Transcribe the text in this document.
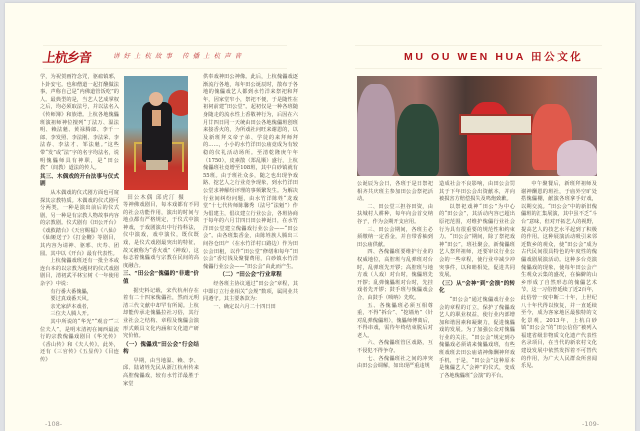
上杭乡音	讲好上杭故事 传播上杭声音	MU OU WEN HUA 田公文化

学，为祝贺画符念咒，驱瘟镇邪，卜卦安宅。也和僧道一起打醮做法事，声称自己是“内佛道管饭吃”的人。最典型的是，当艺人艺成掌权之后，均必须取法号，并以法名入《传师簿》和族谱。上杭各地傀儡班演祖师神位擅列“丁法万、温法明、赖法魁、黄禄腾郎、李千一郎、李发照、李法刚、李法荣、李法春、李法才、邹法魁。”这些带“发”或“法”字的名字均法名，说明傀儡师具有神职，是“田公教”（闾教）道法的传人。

其三、木偶戏的开台法事与仪式剧

从木偶戏的仪式剧方面也可窥探其宗教特质。木偶戏的仪式剧可分两类，一种是演出前后的仪式剧，另一种是有宗教人物故事内容的宗教剧。仪式剧有《田公开台》《戏救踏台》《天官赐福》《八仙》《仙姬送子》《打金鞭》等剧目，其内容为请神、驱邪、庆寿、团圆。其中以《开台》最有代表性。

上杭傀儡戏班还有一批全本或连台本的以宗教为题材的仪式戏剧剧目，清初武平林宝树《一年使用杂字》中说：

有行番大番傀儡，

要过真戏番天风。

亲光家萨本戏者，

三位夫人腾人开。

其中所说的“华光”“观音”“三位夫人”，是明末清初在闽西最流行的宗教傀儡戏剧目《华光传》《香山传》和《夫人传》。此外，还有《三官传》《五显传》《目连传》

田公木偶 邱虎汀 摄

等神佛戏剧目，每本戏都有不同的社会功能作用，演出的时间与地点都有严格规定，于仪式中演神戏，于戏剧演出中行持科法，仪中演戏，戏中演仪，既仪既戏，是仪式戏剧最突出的特征，故又被称为“香火戏”（神戏），这标志着傀儡戏与宗教在民间的高度融合。

三、“田公会”傀儡的“非遗”价值

据史料记载，宋代杭州存在着有二十四家傀儡社，然而元明清三代文献中却罕有所闻。上杭却能传承走傀儡拉社习俗，其行业社会之结构、章程及傀儡会演形式颇具文化内涵和文化遗产研究价值。

（一）傀儡戏“田公会”行会结构

早期，由当地温、赖、李、邱、陆诸姓先民从浙江杭州传来高腔傀儡戏，较有水竹洋最胜于家堂

供奉戏神田公神像。此后，上杭傀儡戏逐渐流行各地，每年田公诞辰时，散布于各地的傀儡戏艺人都到水竹洋来祭祀和拜年，因家堂窄小，祭祀不便，于是随性在祖祠前建“田公堂”。起初仅是一种各班随身随走的流水性上香敬神行为，后因在六月廿四日同一天统由田公各地傀儡班创班来接香火的，为所戏社问旺来谢恩的，以及新班拜义帝子弟、学徒的来拜师拜的……，小小的水竹洋田公庙竟成为有较稳的仪礼活动场所。至清乾隆庚午年（1750），皮素散（郑乱顺）盛行，上杭傀儡班社竟增至108班，其中白砂镇就有55班。由于班社众多，随之也出现争戏路、挖艺人之行业竞争现象，到水竹洋田公堂求神解纷评理的事频繁发生。为解决行业间纠纷问题，由水竹洋陈姓“龙戏堂”十七代传师陈馨秀（法号“法魁”）作为倡建主，倡议建立行业公会，各班协商于每年的六月廿四日田公神诞日，在水竹洋田公堂建立傀儡戏行业公会——“田公会”。由各班集香金，由陈姓族人腾出三间谷仓田产（在水竹洋村口路边）作为田公会田租，以作“田公堂”修缮和每年“田公会”香灯钱及聚餐费用，白砂镇水竹洋傀儡行业公会——“田公会”由此而产生。

（二）“田公会”行业章程

经各班主协议通过“田公会”章程，其中即订立行业相关“会规”数项，属同业共同遵守。其主要条款为：

一、确定以六月二十四日田

-108-

公诞辰为会日，各班于是日祭祀相齐共庆班主参加田公会祭祀活动。

二、田公堂三担谷田资，由扶城村人耕种，每年向会首交纳谷子，作为会期开支应用。

三、田公会期间，各班主必须缴纳一定香金，并自带香柚到田公庙供献。

四、各傀儡班要维护行业的权威地位，高腔班与乱弹班对台时，乱弹班先开锣；高腔班与地方戏（人戏）对台时，傀儡班先开锣；乱弹傀儡班对台时，先挂戏者先开锣；鼓手班与傀儡戏会合，由鼓手（唢呐）先吹。

五、各傀儡班必须互相尊重，不得“拆台”、“挖墙角”（针对乱弹傀儡班），傀儡师傅离后，不得串戏，需待年终结束脱后对老人。

六、各傀儡班管区戏路，互不侵犯不得争夺。

七、各傀儡班社之间的冲突由田公会调解，如出现严重违规

造成社会不良影响，由田公会罚其于下年田公会出资献本，并向被损害方赔偿损失及鸣炮致歉。

以祭祀戏神“田公”为中心的“田公会”，其活动内容已超出原祀范围，对维护傀儡行业社会行为具有很重要的规范性和约束力。“田公会”期间，除了祭祀戏神“田公”，班社聚会，新傀儡班艺人祭拜祖师，还要审议行业公会的一些章程，使行业中减少冲突事件，以和睦相处，促进共同发展。

（三）从“会神”到“会演”的转化

“田公会”通过傀儡戏行业公会的章程的订立，保护了傀儡戏艺人的职业权益，使行业内部增加和谐因素和凝聚力，促进傀儡戏的发展。为了加强公众对傀儡行业的关注，“田公会”规定到办傀儡戏必须请来傀儡戏班，有些班戏班去田公庙请神像酬神拜戏手机，于是，“田公会”这种原本是傀儡艺人“会神”的仪式，变成了各地傀儡班“会演”的平台。

中午聚餐后，新班拜祖师及谢神酬恩的班社，于庙外空旷处搭傀儡棚，献演各班拿手好戏，以期交流。“田公会”中的新旧傀儡班的汇集展演，其中虽不乏“斗台”意味，但对开拓艺人的视野，提高艺人的技艺水平起到了积极的作用。这种展演活动吸引来邻近数乡的观众，使“田公会”成为古代民间很具特色的年度性的傀儡戏剧展演活动。这种多台竞演傀儡戏的现象，使每年田公会产生观众云集的盛况，在偏僻的山乡形成了自然形态的傀儡艺术节，这一习俗曾延续了近2百年，此俗曾一度中断二十年，上世纪八十年代得以恢复，并一直延续至今，成为客家地区最独特的文化景观。2013年，上杭白砂镇“田公会”的“田公信俗”被列入福建省级非物质文化遗产代表性名录项目，在当代的新农村文化建设发展中依然发挥着不可替代的作用，为广大人民群众所喜闻乐见。

-109-
